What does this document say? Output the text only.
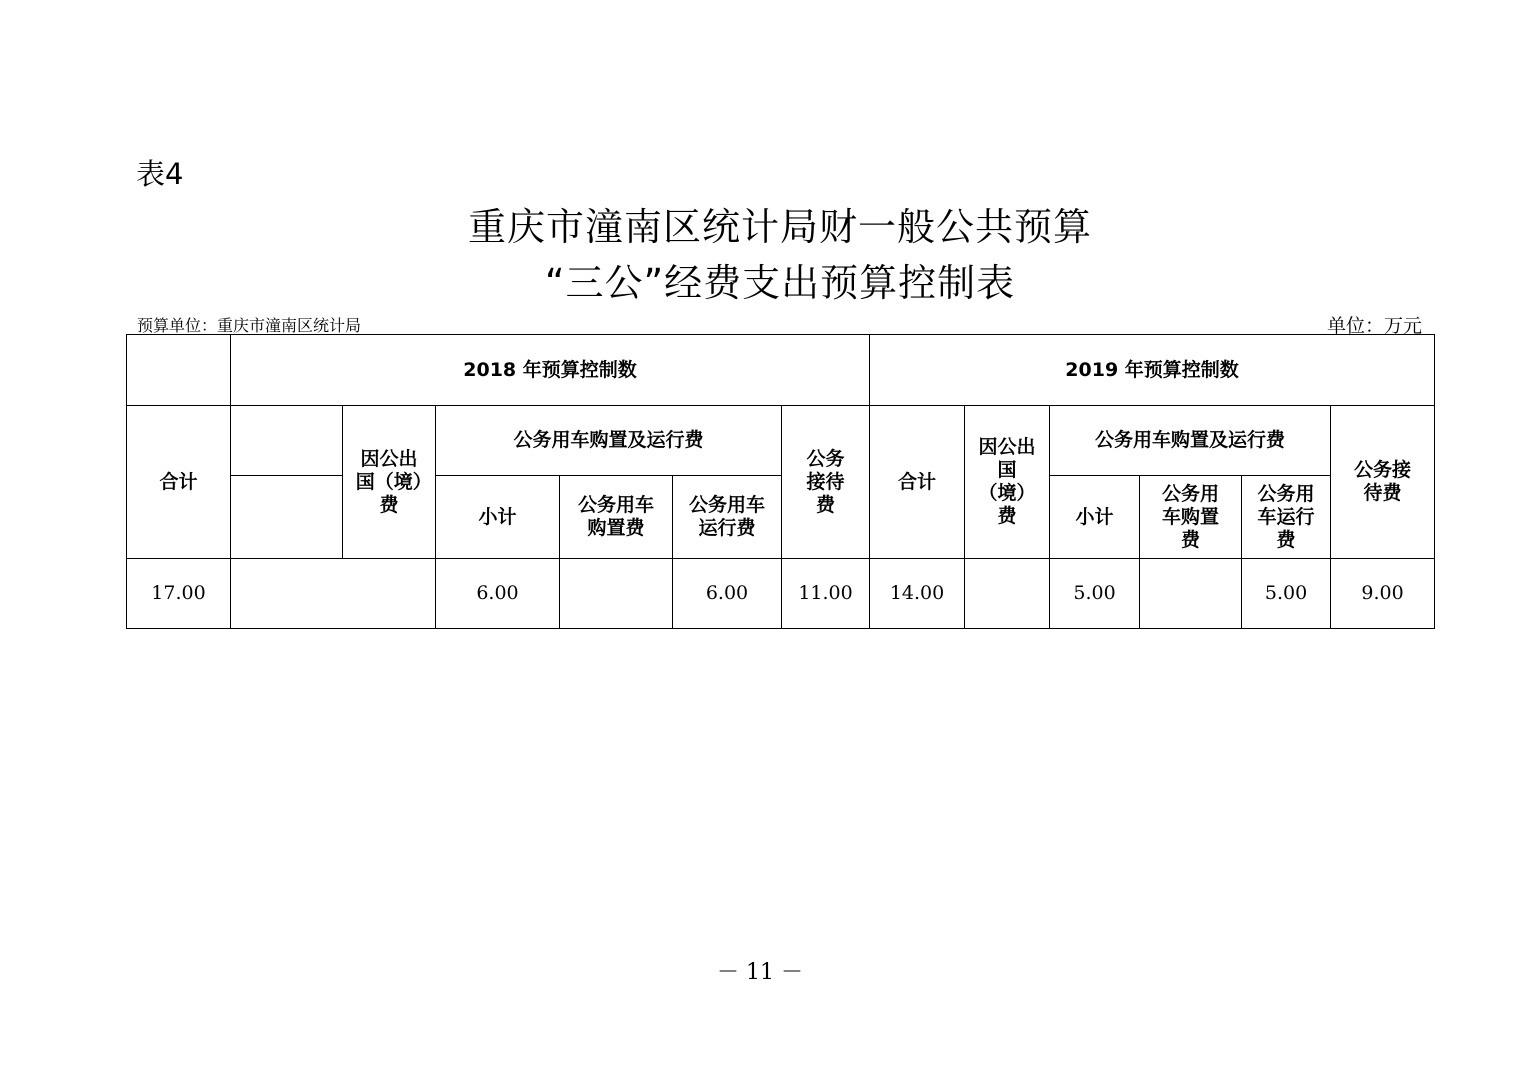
表4
重庆市潼南区统计局财一般公共预算
“三公”经费支出预算控制表
预算单位：重庆市潼南区统计局	单位：万元
	2018 年预算控制数						2019 年预算控制数					
合计		因公出国（境）费	公务用车购置及运行费			公务接待费	合计	因公出国（境）费	公务用车购置及运行费			公务接待费

			小计	公务用车购置费	公务用车运行费				小计	公务用车购置费	公务用车运行费	

17.00			6.00		6.00	11.00	14.00		5.00		5.00	9.00
－ 11 －
